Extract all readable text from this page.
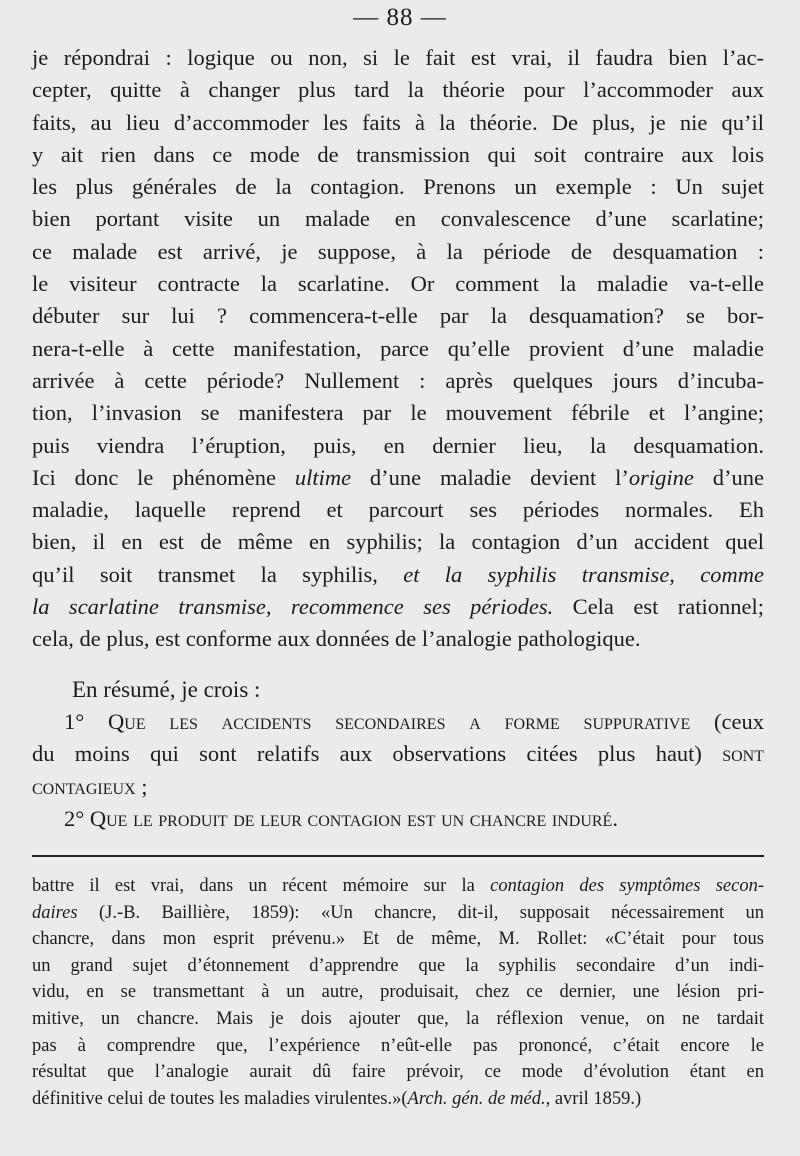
— 88 —
je répondrai : logique ou non, si le fait est vrai, il faudra bien l’ac-
cepter, quitte à changer plus tard la théorie pour l’accommoder aux
faits, au lieu d’accommoder les faits à la théorie. De plus, je nie qu’il
y ait rien dans ce mode de transmission qui soit contraire aux lois
les plus générales de la contagion. Prenons un exemple : Un sujet
bien portant visite un malade en convalescence d’une scarlatine;
ce malade est arrivé, je suppose, à la période de desquamation :
le visiteur contracte la scarlatine. Or comment la maladie va-t-elle
débuter sur lui ? commencera-t-elle par la desquamation? se bor-
nera-t-elle à cette manifestation, parce qu’elle provient d’une maladie
arrivée à cette période? Nullement : après quelques jours d’incuba-
tion, l’invasion se manifestera par le mouvement fébrile et l’angine;
puis viendra l’éruption, puis, en dernier lieu, la desquamation.
Ici donc le phénomène ultime d’une maladie devient l’origine d’une
maladie, laquelle reprend et parcourt ses périodes normales. Eh
bien, il en est de même en syphilis; la contagion d’un accident quel
qu’il soit transmet la syphilis, et la syphilis transmise, comme
la scarlatine transmise, recommence ses périodes. Cela est rationnel;
cela, de plus, est conforme aux données de l’analogie pathologique.
En résumé, je crois :
1° Que les accidents secondaires a forme suppurative (ceux
du moins qui sont relatifs aux observations citées plus haut) sont
contagieux ;
2° Que le produit de leur contagion est un chancre induré.
battre il est vrai, dans un récent mémoire sur la contagion des symptômes secon-
daires (J.-B. Baillière, 1859): «Un chancre, dit-il, supposait nécessairement un
chancre, dans mon esprit prévenu.» Et de même, M. Rollet: «C’était pour tous
un grand sujet d’étonnement d’apprendre que la syphilis secondaire d’un indi-
vidu, en se transmettant à un autre, produisait, chez ce dernier, une lésion pri-
mitive, un chancre. Mais je dois ajouter que, la réflexion venue, on ne tardait
pas à comprendre que, l’expérience n’eût-elle pas prononcé, c’était encore le
résultat que l’analogie aurait dû faire prévoir, ce mode d’évolution étant en
définitive celui de toutes les maladies virulentes.»(Arch. gén. de méd., avril 1859.)
